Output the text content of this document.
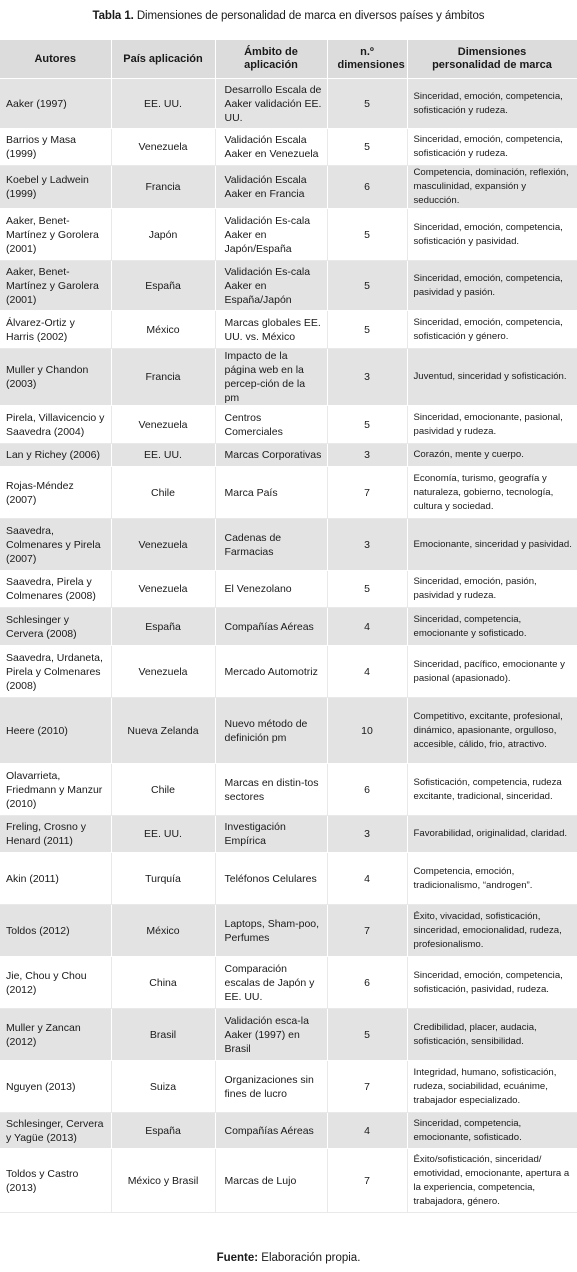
Tabla 1. Dimensiones de personalidad de marca en diversos países y ámbitos
Autores	País aplicación	Ámbito de aplicación	n.º dimensiones	Dimensiones personalidad de marca
Aaker (1997)	EE. UU.	Desarrollo Escala de Aaker validación EE. UU.	5	Sinceridad, emoción, competencia, sofisticación y rudeza.
Barrios y Masa (1999)	Venezuela	Validación Escala Aaker en Venezuela	5	Sinceridad, emoción, competencia, sofisticación y rudeza.
Koebel y Ladwein (1999)	Francia	Validación Escala Aaker en Francia	6	Competencia, dominación, reflexión, masculinidad, expansión y seducción.
Aaker, Benet-Martínez y Gorolera (2001)	Japón	Validación Es-cala Aaker en Japón/España	5	Sinceridad, emoción, competencia, sofisticación y pasividad.
Aaker, Benet-Martínez y Garolera (2001)	España	Validación Es-cala Aaker en España/Japón	5	Sinceridad, emoción, competencia, pasividad y pasión.
Álvarez-Ortiz y Harris (2002)	México	Marcas globales EE. UU. vs. México	5	Sinceridad, emoción, competencia, sofisticación y género.
Muller y Chandon (2003)	Francia	Impacto de la página web en la percep-ción de la pm	3	Juventud, sinceridad y sofisticación.
Pirela, Villavicencio y Saavedra (2004)	Venezuela	Centros Comerciales	5	Sinceridad, emocionante, pasional, pasividad y rudeza.
Lan y Richey (2006)	EE. UU.	Marcas Corporativas	3	Corazón, mente y cuerpo.
Rojas-Méndez (2007)	Chile	Marca País	7	Economía, turismo, geografía y naturaleza, gobierno, tecnología, cultura y sociedad.
Saavedra, Colmenares y Pirela (2007)	Venezuela	Cadenas de Farmacias	3	Emocionante, sinceridad y pasividad.
Saavedra, Pirela y Colmenares (2008)	Venezuela	El Venezolano	5	Sinceridad, emoción, pasión, pasividad y rudeza.
Schlesinger y Cervera (2008)	España	Compañías Aéreas	4	Sinceridad, competencia, emocionante y sofisticado.
Saavedra, Urdaneta, Pirela y Colmenares (2008)	Venezuela	Mercado Automotriz	4	Sinceridad, pacífico, emocionante y pasional (apasionado).
Heere (2010)	Nueva Zelanda	Nuevo método de definición pm	10	Competitivo, excitante, profesional, dinámico, apasionante, orgulloso, accesible, cálido, frio, atractivo.
Olavarrieta, Friedmann y Manzur (2010)	Chile	Marcas en distin-tos sectores	6	Sofisticación, competencia, rudeza excitante, tradicional, sinceridad.
Freling, Crosno y Henard (2011)	EE. UU.	Investigación Empírica	3	Favorabilidad, originalidad, claridad.
Akin (2011)	Turquía	Teléfonos Celulares	4	Competencia, emoción, tradicionalismo, “androgen”.
Toldos (2012)	México	Laptops, Sham-poo, Perfumes	7	Éxito, vivacidad, sofisticación, sinceridad, emocionalidad, rudeza, profesionalismo.
Jie, Chou y Chou (2012)	China	Comparación escalas de Japón y EE. UU.	6	Sinceridad, emoción, competencia, sofisticación, pasividad, rudeza.
Muller y Zancan (2012)	Brasil	Validación esca-la Aaker (1997) en Brasil	5	Credibilidad, placer, audacia, sofisticación, sensibilidad.
Nguyen (2013)	Suiza	Organizaciones sin fines de lucro	7	Integridad, humano, sofisticación, rudeza, sociabilidad, ecuánime, trabajador especializado.
Schlesinger, Cervera y Yagüe (2013)	España	Compañías Aéreas	4	Sinceridad, competencia, emocionante, sofisticado.
Toldos y Castro (2013)	México y Brasil	Marcas de Lujo	7	Éxito/sofisticación, sinceridad/ emotividad, emocionante, apertura a la experiencia, competencia, trabajadora, género.
Fuente: Elaboración propia.
